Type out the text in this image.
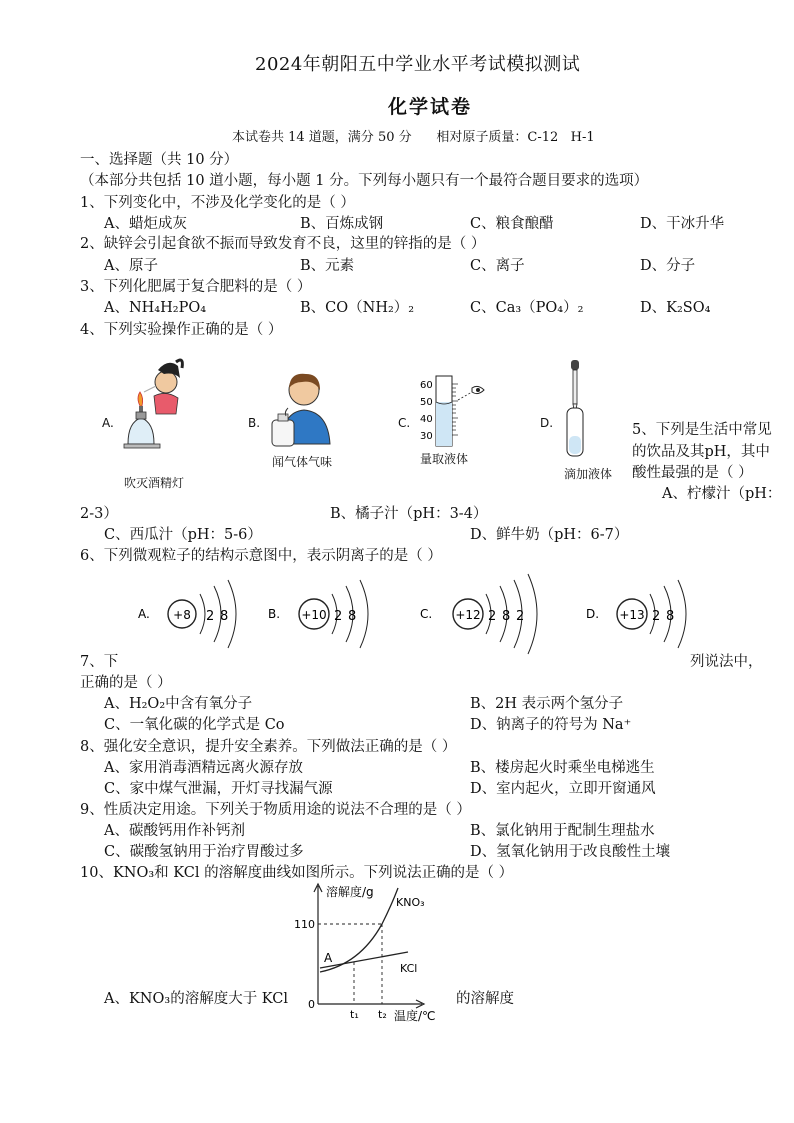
2024年朝阳五中学业水平考试模拟测试
化学试卷
本试卷共 14 道题，满分 50 分      相对原子质量：C-12   H-1
一、选择题（共 10 分）
（本部分共包括 10 道小题，每小题 1 分。下列每小题只有一个最符合题目要求的选项）
1、下列变化中，不涉及化学变化的是（ ）
A、蜡炬成灰	B、百炼成钢	C、粮食酿醋	D、干冰升华
2、缺锌会引起食欲不振而导致发育不良，这里的锌指的是（ ）
A、原子	B、元素	C、离子	D、分子
3、下列化肥属于复合肥料的是（ ）
A、NH₄H₂PO₄	B、CO（NH₂）₂	C、Ca₃（PO₄）₂	D、K₂SO₄
4、下列实验操作正确的是（ ）
A.
吹灭酒精灯
B.
闻气体气味
C.
60
50
40
30
量取液体
D.
滴加液体
5、下列是生活中常见
的饮品及其pH，其中
酸性最强的是（ ）
A、柠檬汁（pH：
2-3）	B、橘子汁（pH：3-4）
C、西瓜汁（pH：5-6）	D、鲜牛奶（pH：6-7）
6、下列微观粒子的结构示意图中，表示阴离子的是（ ）
A. +8 2 8	B. +10 2 8	C. +12 2 8 2	D. +13 2 8
7、下	列说法中，
正确的是（ ）
A、H₂O₂中含有氧分子	B、2H 表示两个氢分子
C、一氧化碳的化学式是 Co	D、钠离子的符号为 Na⁺
8、强化安全意识，提升安全素养。下列做法正确的是（ ）
A、家用消毒酒精远离火源存放	B、楼房起火时乘坐电梯逃生
C、家中煤气泄漏，开灯寻找漏气源	D、室内起火，立即开窗通风
9、性质决定用途。下列关于物质用途的说法不合理的是（ ）
A、碳酸钙用作补钙剂	B、氯化钠用于配制生理盐水
C、碳酸氢钠用于治疗胃酸过多	D、氢氧化钠用于改良酸性土壤
10、KNO₃和 KCl 的溶解度曲线如图所示。下列说法正确的是（ ）
溶解度/g
温度/℃
110
0
A
KNO₃
KCl
t₁ t₂
A、KNO₃的溶解度大于 KCl	的溶解度
